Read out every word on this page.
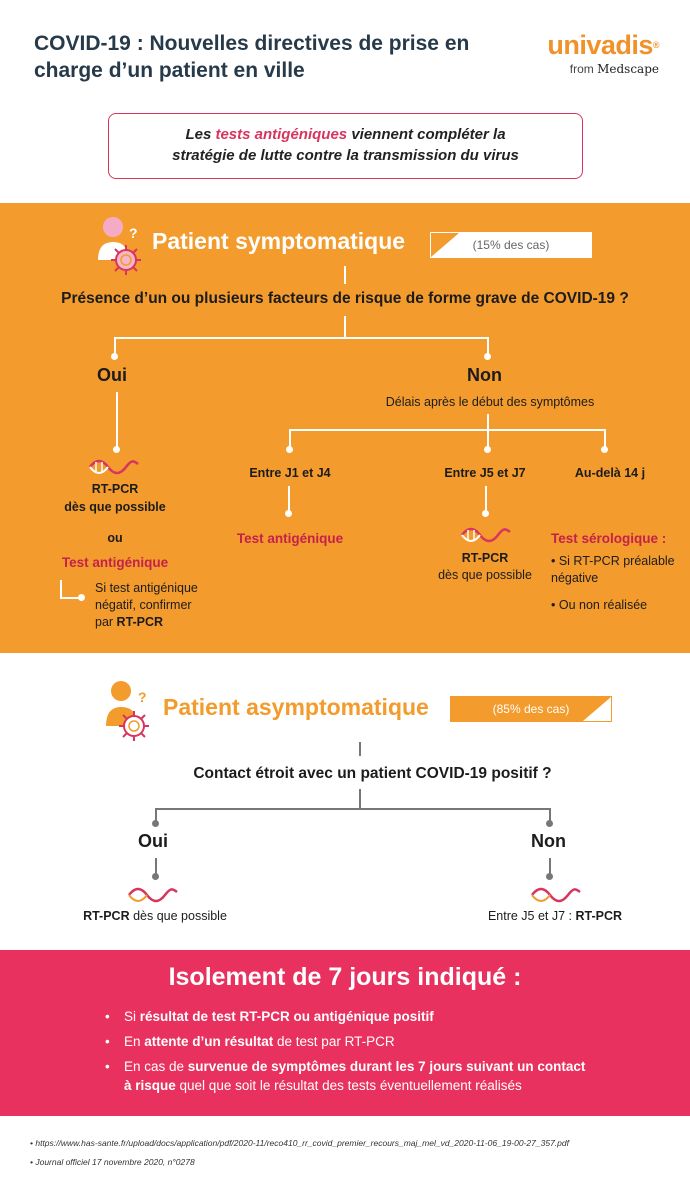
COVID-19 : Nouvelles directives de prise en charge d’un patient en ville
univadis®
from Medscape
Les tests antigéniques viennent compléter la
stratégie de lutte contre la transmission du virus
? Patient symptomatique	(15% des cas)
Présence d’un ou plusieurs facteurs de risque de forme grave de COVID-19 ?
Oui
RT-PCR
dès que possible
ou
Test antigénique
Si test antigénique
négatif, confirmer
par RT-PCR
Non
Délais après le début des symptômes
Entre J1 et J4
Test antigénique
Entre J5 et J7
RT-PCR
dès que possible
Au-delà 14 j
Test sérologique :
• Si RT-PCR préalable
négative
• Ou non réalisée
? Patient asymptomatique	(85% des cas)
Contact étroit avec un patient COVID-19 positif ?
Oui
RT-PCR dès que possible
Non
Entre J5 et J7 : RT-PCR
Isolement de 7 jours indiqué :
•
Si résultat de test RT-PCR ou antigénique positif
•
En attente d’un résultat de test par RT-PCR
•
En cas de survenue de symptômes durant les 7 jours suivant un contact
à risque quel que soit le résultat des tests éventuellement réalisés
• https://www.has-sante.fr/upload/docs/application/pdf/2020-11/reco410_rr_covid_premier_recours_maj_mel_vd_2020-11-06_19-00-27_357.pdf
• Journal officiel 17 novembre 2020, n°0278
